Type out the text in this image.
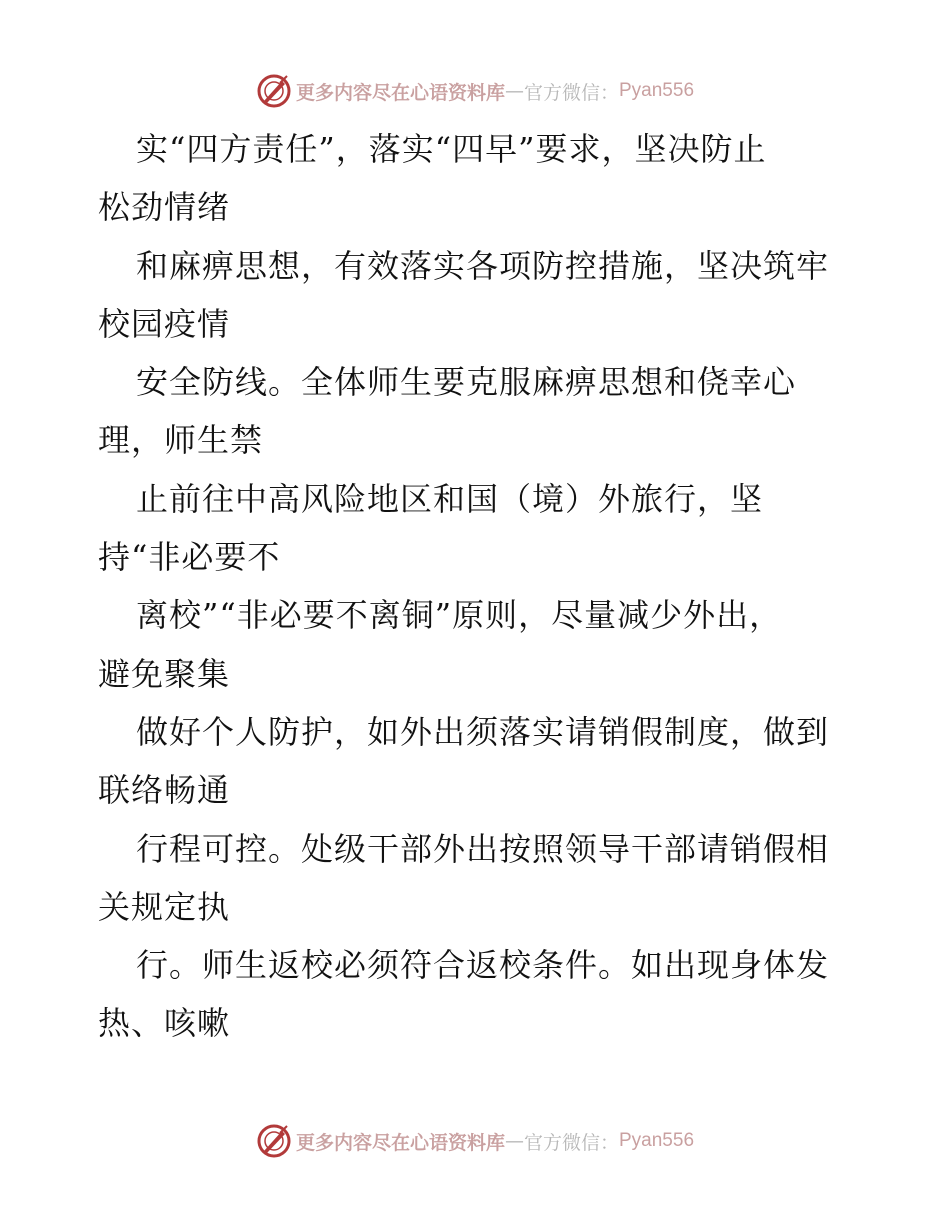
更多内容尽在心语资料库 — 官方微信： Pyan556
实“四方责任”，落实“四早”要求，坚决防止
松劲情绪
和麻痹思想，有效落实各项防控措施，坚决筑牢
校园疫情
安全防线。全体师生要克服麻痹思想和侥幸心
理，师生禁
止前往中高风险地区和国（境）外旅行，坚
持“非必要不
离校”“非必要不离铜”原则，尽量减少外出，
避免聚集
做好个人防护，如外出须落实请销假制度，做到
联络畅通
行程可控。处级干部外出按照领导干部请销假相
关规定执
行。师生返校必须符合返校条件。如出现身体发
热、咳嗽
更多内容尽在心语资料库 — 官方微信： Pyan556
